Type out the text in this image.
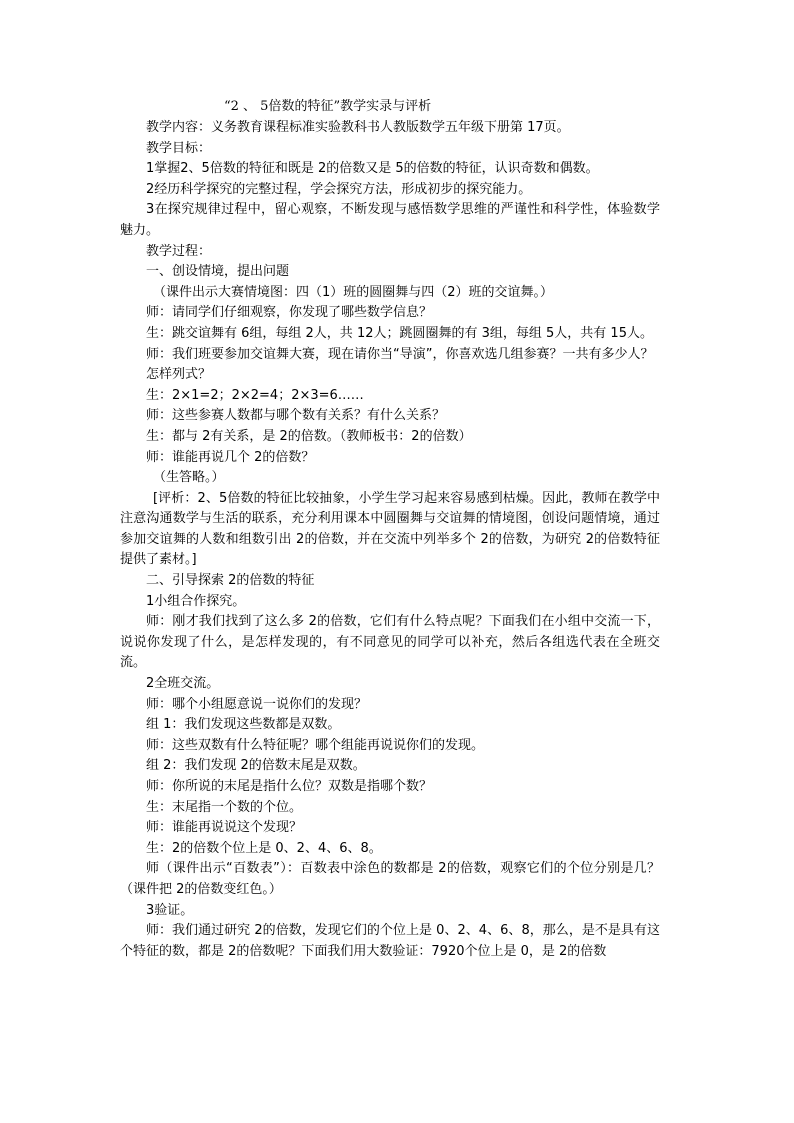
“2 、 5倍数的特征”教学实录与评析

教学内容：义务教育课程标准实验教科书人教版数学五年级下册第 17页。

教学目标：

1掌握2、5倍数的特征和既是 2的倍数又是 5的倍数的特征，认识奇数和偶数。

2经历科学探究的完整过程，学会探究方法，形成初步的探究能力。

3在探究规律过程中，留心观察，不断发现与感悟数学思维的严谨性和科学性，体验数学魅力。

教学过程：

一、创设情境，提出问题

（课件出示大赛情境图：四（1）班的圆圈舞与四（2）班的交谊舞。）

师：请同学们仔细观察，你发现了哪些数学信息？

生：跳交谊舞有 6组，每组 2人，共 12人；跳圆圈舞的有 3组，每组 5人，共有 15人。

师：我们班要参加交谊舞大赛，现在请你当“导演”，你喜欢选几组参赛？一共有多少人？

怎样列式？

生：2×1=2；2×2=4；2×3=6……

师：这些参赛人数都与哪个数有关系？有什么关系？

生：都与 2有关系，是 2的倍数。（教师板书：2的倍数）

师：谁能再说几个 2的倍数？

（生答略。）

[评析：2、5倍数的特征比较抽象，小学生学习起来容易感到枯燥。因此，教师在教学中注意沟通数学与生活的联系，充分利用课本中圆圈舞与交谊舞的情境图，创设问题情境，通过参加交谊舞的人数和组数引出 2的倍数，并在交流中列举多个 2的倍数，为研究 2的倍数特征提供了素材。]

二、引导探索 2的倍数的特征

1小组合作探究。

师：刚才我们找到了这么多 2的倍数，它们有什么特点呢？下面我们在小组中交流一下，说说你发现了什么，是怎样发现的，有不同意见的同学可以补充，然后各组选代表在全班交流。

2全班交流。

师：哪个小组愿意说一说你们的发现？

组 1：我们发现这些数都是双数。

师：这些双数有什么特征呢？哪个组能再说说你们的发现。

组 2：我们发现 2的倍数末尾是双数。

师：你所说的末尾是指什么位？双数是指哪个数？

生：末尾指一个数的个位。

师：谁能再说说这个发现？

生：2的倍数个位上是 0、2、4、6、8。

师（课件出示“百数表”）：百数表中涂色的数都是 2的倍数，观察它们的个位分别是几？（课件把 2的倍数变红色。）

3验证。

师：我们通过研究 2的倍数，发现它们的个位上是 0、2、4、6、8，那么，是不是具有这个特征的数，都是 2的倍数呢？下面我们用大数验证：7920个位上是 0，是 2的倍数
